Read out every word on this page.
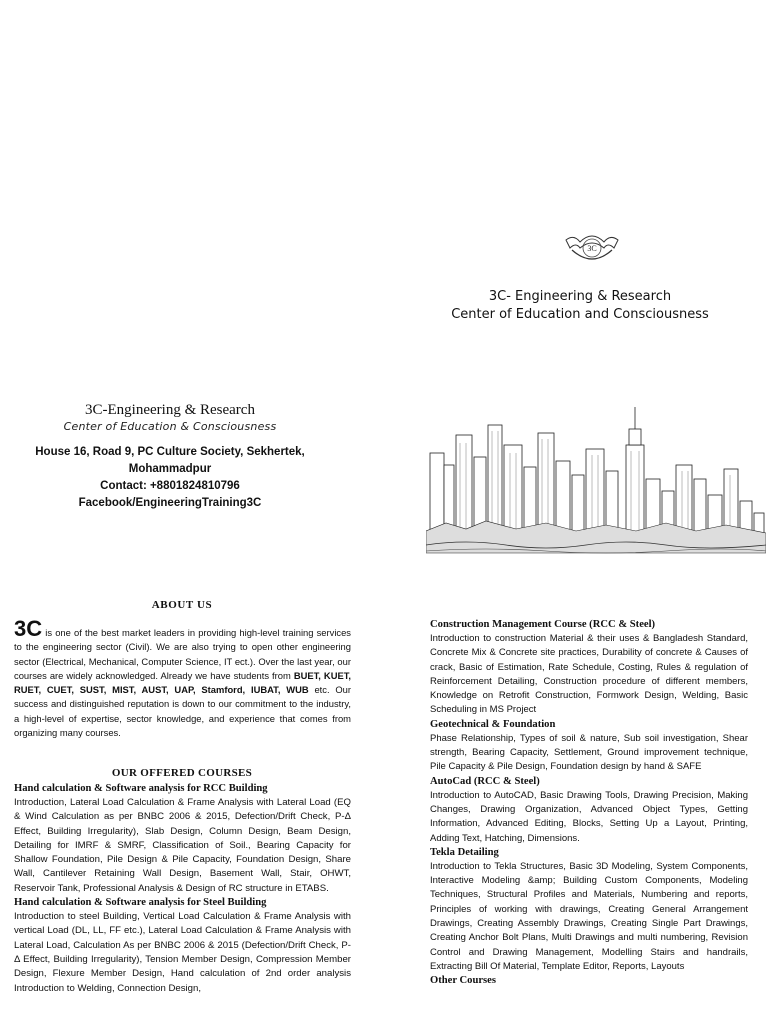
3C
3C- Engineering & Research
Center of Education and Consciousness
3C-Engineering & Research
Center of Education & Consciousness
House 16, Road 9, PC Culture Society, Sekhertek,
Mohammadpur
Contact: +8801824810796
Facebook/EngineeringTraining3C
ABOUT US
3C is one of the best market leaders in providing high-level training services to the engineering sector (Civil). We are also trying to open other engineering sector (Electrical, Mechanical, Computer Science, IT ect.). Over the last year, our courses are widely acknowledged. Already we have students from BUET, KUET, RUET, CUET, SUST, MIST, AUST, UAP, Stamford, IUBAT, WUB etc. Our success and distinguished reputation is down to our commitment to the industry, a high-level of expertise, sector knowledge, and experience that comes from organizing many courses.
OUR OFFERED COURSES
Hand calculation & Software analysis for RCC Building
Introduction, Lateral Load Calculation & Frame Analysis with Lateral Load (EQ & Wind Calculation as per BNBC 2006 & 2015, Defection/Drift Check, P-Δ Effect, Building Irregularity), Slab Design, Column Design, Beam Design, Detailing for IMRF & SMRF, Classification of Soil., Bearing Capacity for Shallow Foundation, Pile Design & Pile Capacity, Foundation Design, Share Wall, Cantilever Retaining Wall Design, Basement Wall, Stair, OHWT, Reservoir Tank, Professional Analysis & Design of RC structure in ETABS.
Hand calculation & Software analysis for Steel Building
Introduction to steel Building, Vertical Load Calculation & Frame Analysis with vertical Load (DL, LL, FF etc.), Lateral Load Calculation & Frame Analysis with Lateral Load, Calculation As per BNBC 2006 & 2015 (Defection/Drift Check, P-Δ Effect, Building Irregularity), Tension Member Design, Compression Member Design, Flexure Member Design, Hand calculation of 2nd order analysis Introduction to Welding, Connection Design,
Construction Management Course (RCC & Steel)
Introduction to construction Material & their uses & Bangladesh Standard, Concrete Mix & Concrete site practices, Durability of concrete & Causes of crack, Basic of Estimation, Rate Schedule, Costing, Rules & regulation of Reinforcement Detailing, Construction procedure of different members, Knowledge on Retrofit Construction, Formwork Design, Welding, Basic Scheduling in MS Project
Geotechnical & Foundation
Phase Relationship, Types of soil & nature, Sub soil investigation, Shear strength, Bearing Capacity, Settlement, Ground improvement technique, Pile Capacity & Pile Design, Foundation design by hand & SAFE
AutoCad (RCC & Steel)
Introduction to AutoCAD, Basic Drawing Tools, Drawing Precision, Making Changes, Drawing Organization, Advanced Object Types, Getting Information, Advanced Editing, Blocks, Setting Up a Layout, Printing, Adding Text, Hatching, Dimensions.
Tekla Detailing
Introduction to Tekla Structures, Basic 3D Modeling, System Components, Interactive Modeling &amp; Building Custom Components, Modeling Techniques, Structural Profiles and Materials, Numbering and reports, Principles of working with drawings, Creating General Arrangement Drawings, Creating Assembly Drawings, Creating Single Part Drawings, Creating Anchor Bolt Plans, Multi Drawings and multi numbering, Revision Control and Drawing Management, Modelling Stairs and handrails, Extracting Bill Of Material, Template Editor, Reports, Layouts
Other Courses
